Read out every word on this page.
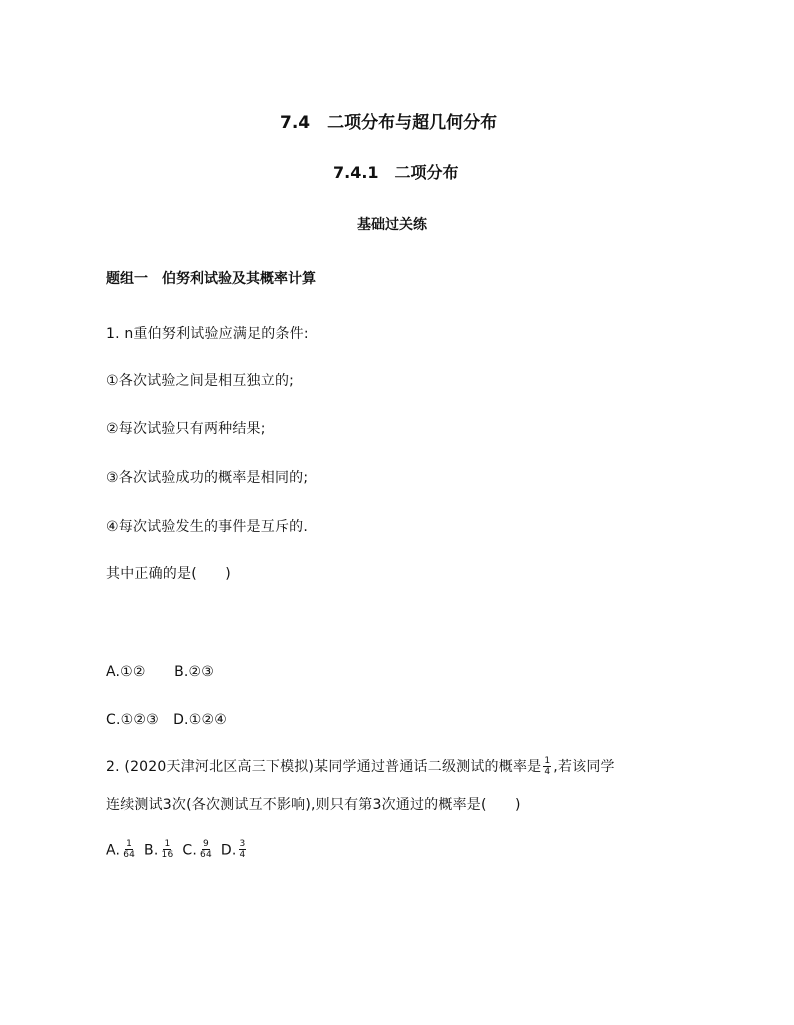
7.4　二项分布与超几何分布
7.4.1　二项分布
基础过关练
题组一　伯努利试验及其概率计算
1. n重伯努利试验应满足的条件:
①各次试验之间是相互独立的;
②每次试验只有两种结果;
③各次试验成功的概率是相同的;
④每次试验发生的事件是互斥的.
其中正确的是(　　)
A.①②　　B.②③
C.①②③　D.①②④
2. (2020天津河北区高三下模拟)某同学通过普通话二级测试的概率是 $\frac{1}{4}$ ,若该同学
连续测试3次(各次测试互不影响),则只有第3次通过的概率是(　　)
A. $\frac{1}{64} B$. $\frac{1}{16} C$. $\frac{9}{64} D$. $\frac{3}{4}$
